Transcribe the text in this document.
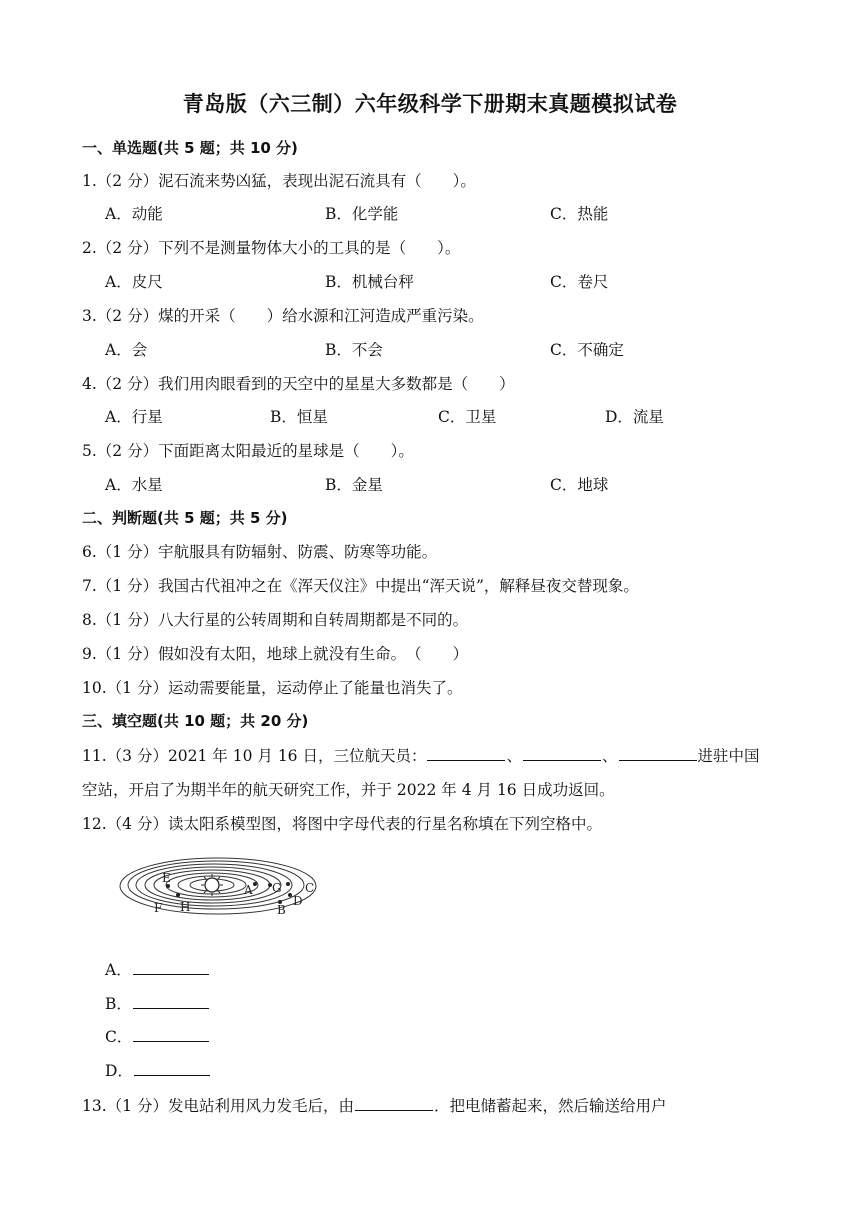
青岛版（六三制）六年级科学下册期末真题模拟试卷
一、单选题(共 5 题；共 10 分)
1.（2 分）泥石流来势凶猛，表现出泥石流具有（　　）。
A．动能	B．化学能	C．热能
2.（2 分）下列不是测量物体大小的工具的是（　　）。
A．皮尺	B．机械台秤	C．卷尺
3.（2 分）煤的开采（　　）给水源和江河造成严重污染。
A．会	B．不会	C．不确定
4.（2 分）我们用肉眼看到的天空中的星星大多数都是（　　）
A．行星	B．恒星	C．卫星	D．流星
5.（2 分）下面距离太阳最近的星球是（　　）。
A．水星	B．金星	C．地球
二、判断题(共 5 题；共 5 分)
6.（1 分）宇航服具有防辐射、防震、防寒等功能。
7.（1 分）我国古代祖冲之在《浑天仪注》中提出“浑天说”，解释昼夜交替现象。
8.（1 分）八大行星的公转周期和自转周期都是不同的。
9.（1 分）假如没有太阳，地球上就没有生命。　（　　）
10.（1 分）运动需要能量，运动停止了能量也消失了。
三、填空题(共 10 题；共 20 分)
11.（3 分）2021 年 10 月 16 日，三位航天员：	、	、	进驻中国
空站，开启了为期半年的航天研究工作，并于 2022 年 4 月 16 日成功返回。
12.（4 分）读太阳系模型图，将图中字母代表的行星名称填在下列空格中。
E
F H
A G C
D
B
A．
B．
C．
D．
13.（1 分）发电站利用风力发毛后，由	．把电储蓄起来，然后输送给用户
